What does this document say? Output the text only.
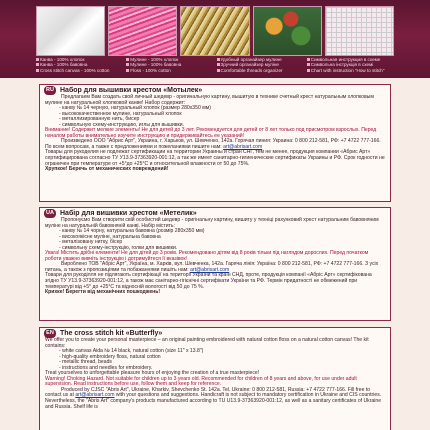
Канва - 100% хлопок
Канва - 100% бавовна
Cross stitch canvas - 100% cotton
Мулине - 100% хлопок
Мулине - 100% бавовна
Floss - 100% cotton
Удобный органайзер мулине
Зручний органайзер муліне
Comfortable threads organizer
Символьная инструкция в схеме
Символьна інструкція в схемі
Chart with instruction "How to stitch"
RU Набор для вышивки крестом «Мотылек»

Предлагаем Вам создать свой личный шедевр - оригинальную картину, вышитую в технике счетный крест натуральным хлопковым мулине на натуральной хлопковой канве! Набор содержит:

- канву № 14 черную, натуральный хлопок (размер 280х350 мм)

- высококачественное мулине, натуральный хлопок

- металлизированную нить, бисер

- символьную схему-инструкцию, иглы для вышивки.

Внимание! Содержит мелкие элементы! Не для детей до 3 лет. Рекомендуется для детей от 8 лет только под присмотром взрослых. Перед началом работы внимательно изучите инструкцию и придерживайтесь ее указаний!

Произведено ООО "Абрис Арт", Украина, г. Харьков, ул. Шевченко, 142а. Горячая линия: Украина: 0 800 212-581, РФ: +7 4722 777-166. По всем вопросам, а также с предложениями и пожеланиями пишите нам: art@abrisart.com

Товары для рукоделия не подлежат сертификации на территории Украины и стран СНГ, тем не менее, продукция компании «Абрис Арт» сертифицирована согласно ТУ У13.9-37363920-001:12, а так же имеет санитарно-гигиенические сертификаты Украины и РФ. Срок годности не ограничен при температуре от +5°до +25°С и относительной влажности от 50 до 75%.

Хрупкое! Беречь от механических повреждений!

UA Набір для вишивки хрестом «Метелик»

Пропонуємо Вам створити свій особистий шедевр - оригінальну картину, вишиту у техніці рахунковий хрест натуральним бавовняним муліне на натуральній бавовняній канві. Набір містить:

- канву № 14 чорну, натуральна бавовна (розмір 280х350 мм)

- високоякісне муліне, натуральна бавовна

- металізовану нитку, бісер

- символьну схему-інструкцію, голки для вишивки.

Увага! Містить дрібні елементи! Не для дітей до 3 років. Рекомендовано дітям від 8 років тільки під наглядом дорослих. Перед початком роботи уважно вивчіть інструкцію і дотримуйтеся її вказівок!

Вироблено ТОВ "Абріс Арт", Україна, м. Харків, вул. Шевченка, 142а. Гаряча лінія: Україна: 0 800 212-581, РФ: +7 4722 777-166. З усіх питань, а також з пропозиціями та побажаннями пишіть нам: art@abrisart.com

Товари для рукоділля не підлягають сертифікації на території України та країн СНД, проте, продукція компанії «Абріс Арт» сертифікована згідно ТУ У13.9-37363920-001:12, а також має санітарно-гігієнічні сертифікати України та РФ. Термін придатності не обмежений при температурі від +5° до +25°С та відносній вологості від 50 до 75 %.

Крихке! Берегти від механічних пошкоджень!

EN The cross stitch kit «Butterfly»

We offer you to create your personal masterpiece – an original painting embroidered with natural cotton floss on a natural cotton canvas! The kit contains:

- white canvas Aida № 14 black, natural cotton (size 11" х 13.8")

- high-quality embroidery floss, natural cotton

- metallic thread, beads

- instructions and needles for embroidery.

Treat yourselves to unforgettable pleasure hours of enjoying the creation of a true masterpiece!

Warning! Choking Hazard. Not suitable for children up to 3 years old. Recommended for children of 8 years and above, for use under adult supervision. Read instructions before use, follow them and keep for reference.

Produced by CJSC "Abris Art", Ukraine, Kharkiv, Shevchenko St. 142a. Tel. Ukraine: 0 800 212-581, Russia: +7 4722 777-166. Fill free to contact us at art@abrisart.com with your questions and suggestions. Handicraft is not subject to mandatory certification in Ukraine and CIS countries. Nevertheless, the "Abris Art" company's products manufactured according to TU U13.9-37363920-001:12, as well as a sanitary certificates of Ukraine and Russia. Shelf life is
